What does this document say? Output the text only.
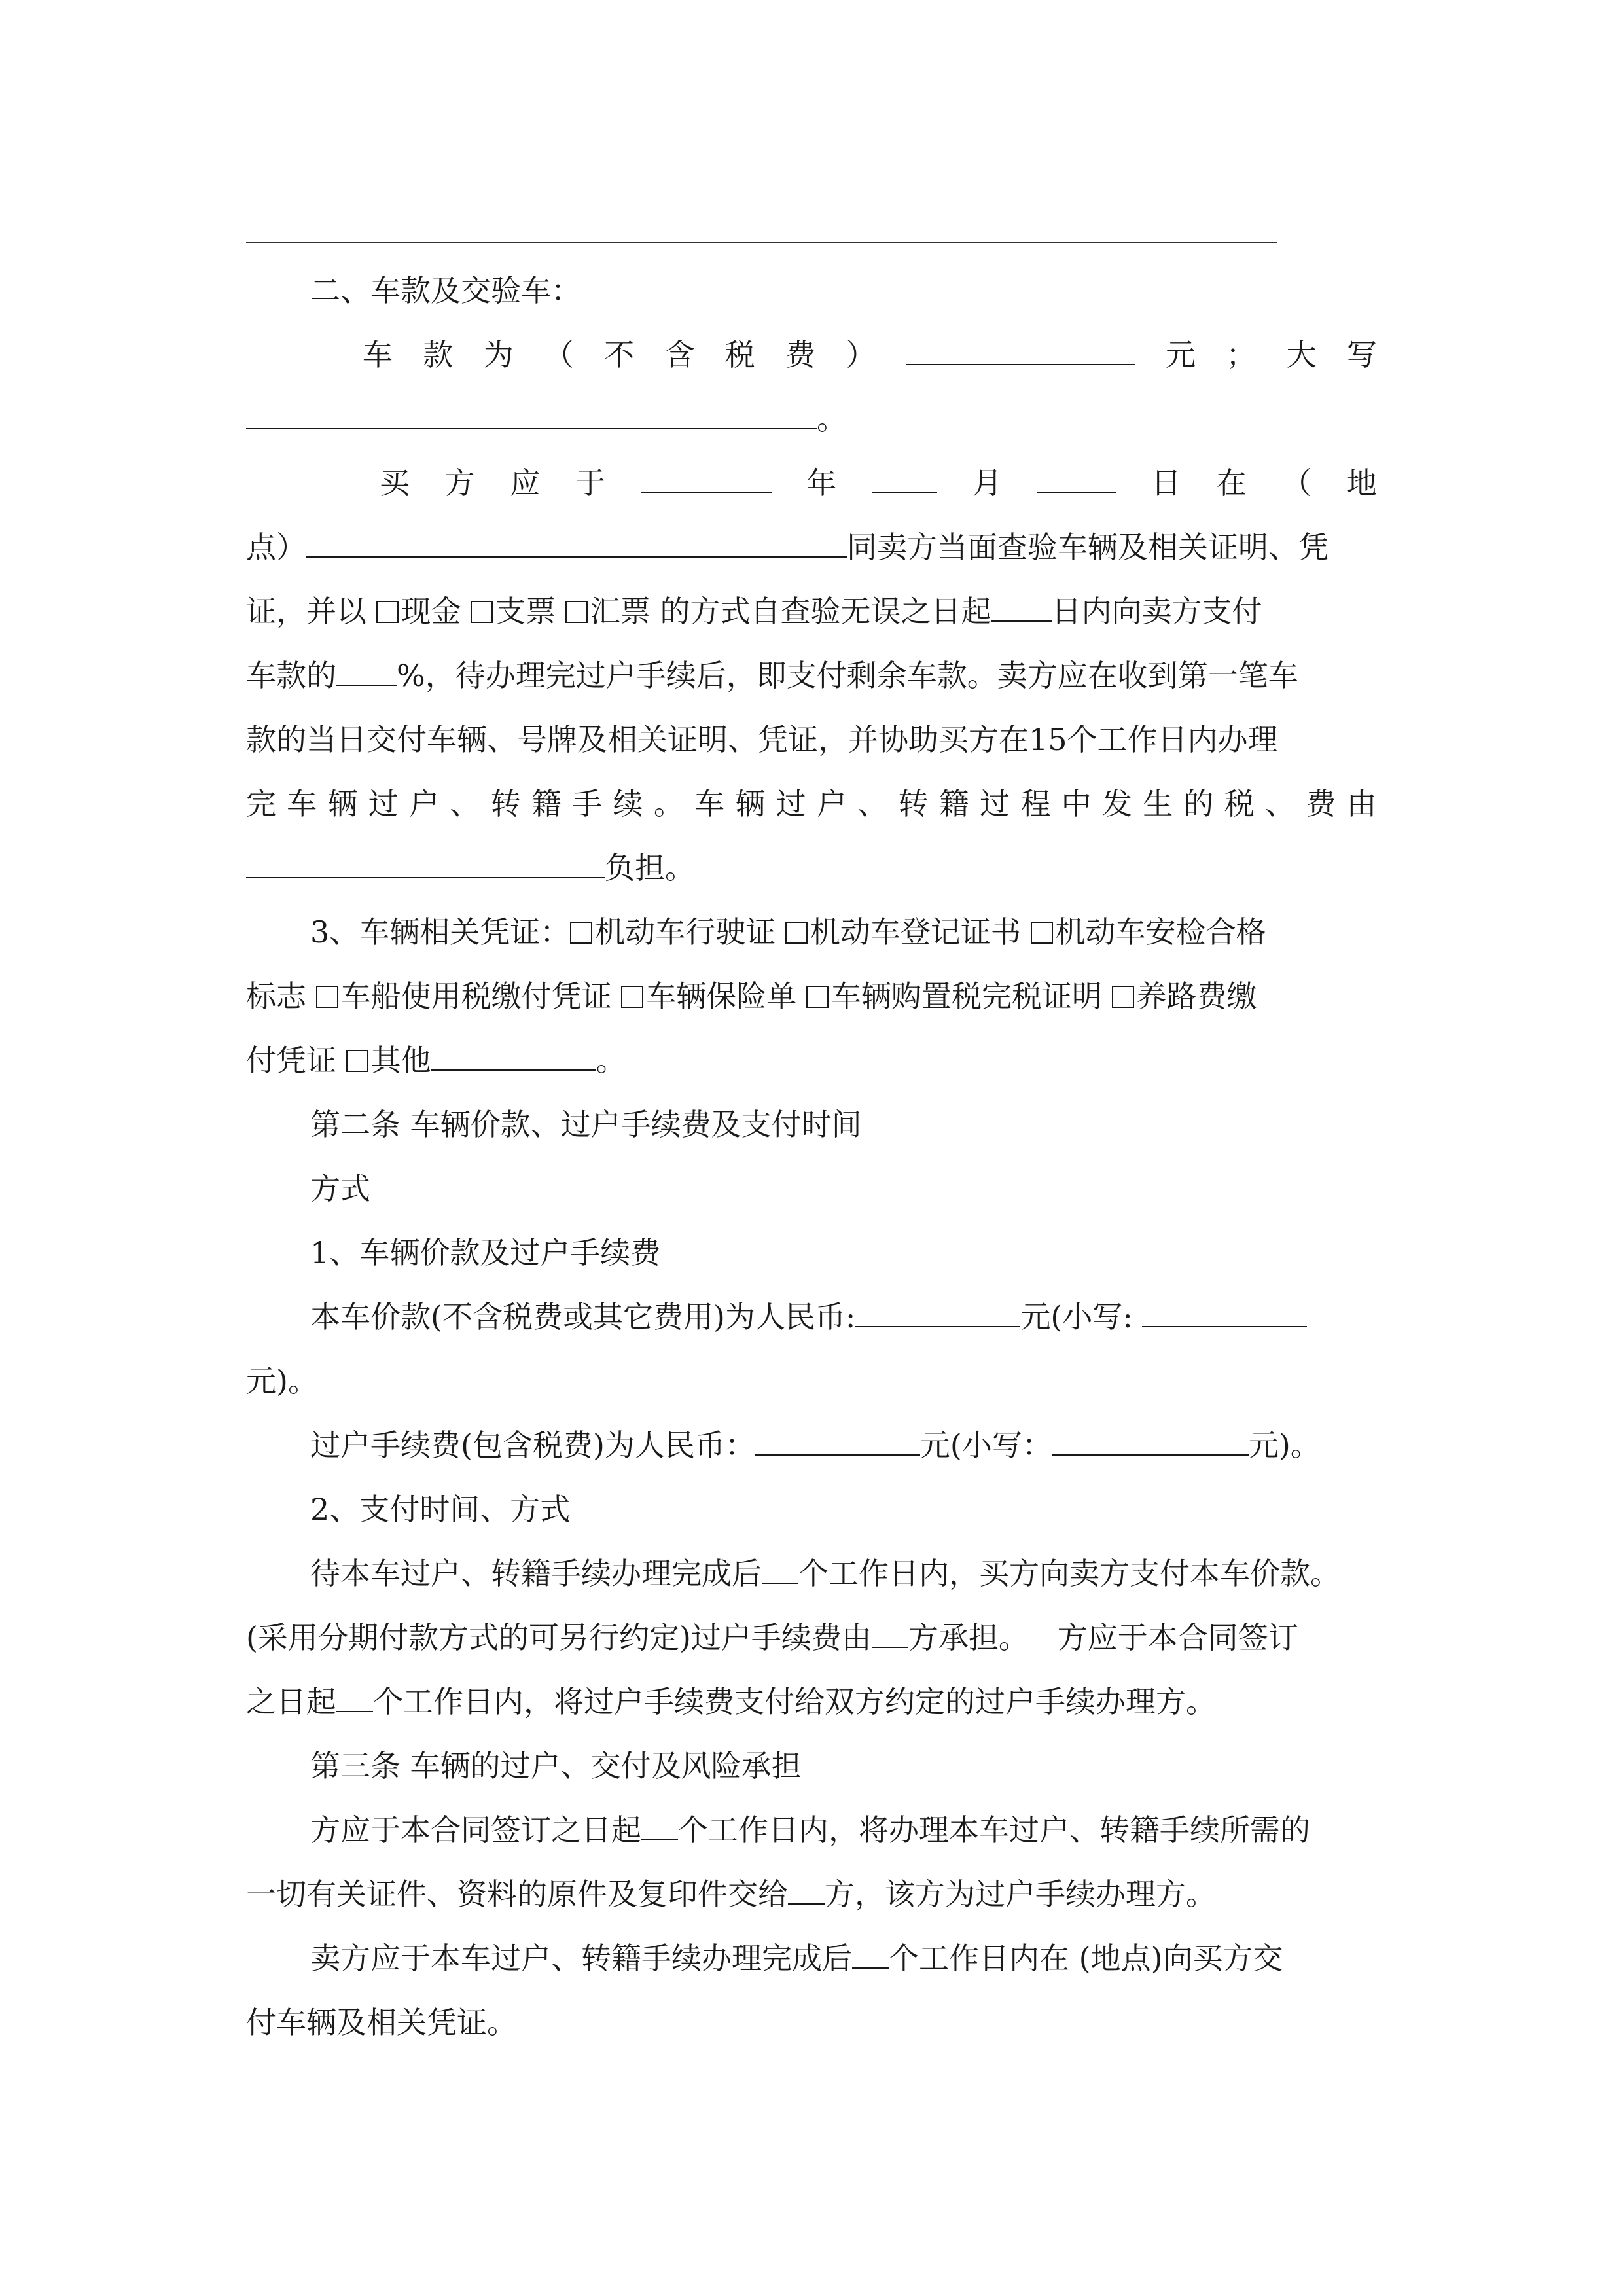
二、车款及交验车：
车 款 为 （ 不 含 税 费 ）	元 ； 大 写
。
买 方 应 于	年	月	日 在 （ 地
点）	同卖方当面查验车辆及相关证明、凭
证，并以 现金 支票 汇票 的方式自查验无误之日起 日内向卖方支付
车款的 %，待办理完过户手续后，即支付剩余车款。卖方应在收到第一笔车
款的当日交付车辆、号牌及相关证明、凭证，并协助买方在15个工作日内办理
完 车 辆 过 户 、 转 籍 手 续 。 车 辆 过 户 、 转 籍 过 程 中 发 生 的 税 、 费 由
负担。
3、车辆相关凭证： 机动车行驶证 机动车登记证书 机动车安检合格
标志 车船使用税缴付凭证 车辆保险单 车辆购置税完税证明 养路费缴
付凭证 其他	。
第二条 车辆价款、过户手续费及支付时间
方式
1、车辆价款及过户手续费
本车价款(不含税费或其它费用)为人民币:	元(小写:
元)。
过户手续费(包含税费)为人民币：	元(小写：	元)。
2、支付时间、方式
待本车过户、转籍手续办理完成后 个工作日内，买方向卖方支付本车价款。
(采用分期付款方式的可另行约定)过户手续费由 方承担。 方应于本合同签订
之日起 个工作日内，将过户手续费支付给双方约定的过户手续办理方。
第三条 车辆的过户、交付及风险承担
方应于本合同签订之日起 个工作日内，将办理本车过户、转籍手续所需的
一切有关证件、资料的原件及复印件交给 方，该方为过户手续办理方。
卖方应于本车过户、转籍手续办理完成后 个工作日内在 (地点)向买方交
付车辆及相关凭证。
